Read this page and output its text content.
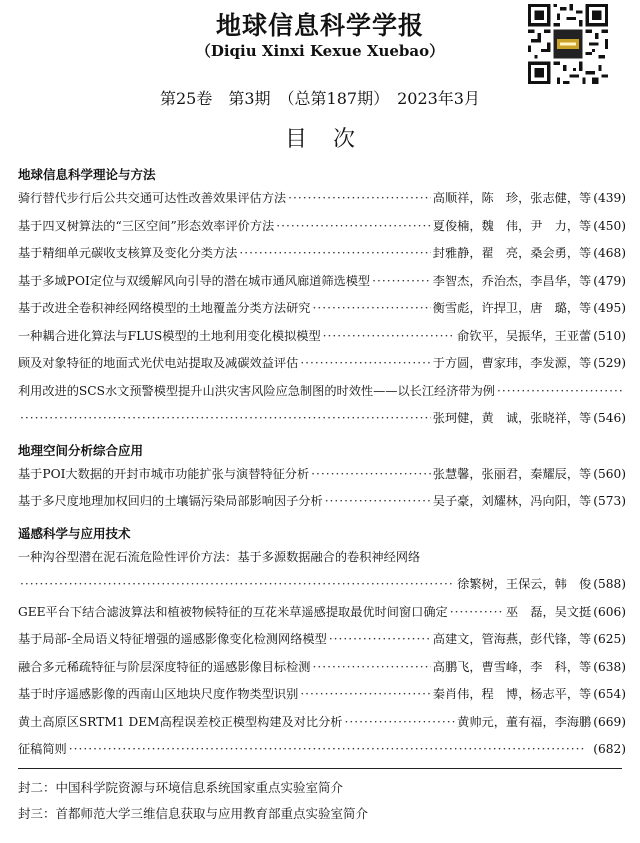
地球信息科学学报
（Diqiu Xinxi Kexue Xuebao）
第25卷　第3期　（总第187期）　2023年3月
目次
地球信息科学理论与方法
骑行替代步行后公共交通可达性改善效果评估方法 ·····	高顺祥，陈　珍，张志健，等 (439)
基于四叉树算法的“三区空间”形态效率评价方法 ·····	夏俊楠，魏　伟，尹　力，等 (450)
基于精细单元碳收支核算及变化分类方法 ·····	封雅静，翟　亮，桑会勇，等 (468)
基于多域POI定位与双缓解风向引导的潜在城市通风廊道筛选模型 ·····	李智杰，乔治杰，李昌华，等 (479)
基于改进全卷积神经网络模型的土地覆盖分类方法研究 ·····	衡雪彪，许捍卫，唐　璐，等 (495)
一种耦合进化算法与FLUS模型的土地利用变化模拟模型 ·····	俞钦平，吴振华，王亚蕾 (510)
顾及对象特征的地面式光伏电站提取及减碳效益评估 ·····	于方圆，曹家玮，李发源，等 (529)
利用改进的SCS水文预警模型提升山洪灾害风险应急制图的时效性——以长江经济带为例
·····
·····
张珂健，黄　诚，张晓祥，等 (546)
地理空间分析综合应用
基于POI大数据的开封市城市功能扩张与演替特征分析 ·····	张慧馨，张丽君，秦耀辰，等 (560)
基于多尺度地理加权回归的土壤镉污染局部影响因子分析 ·····	吴子豪，刘耀林，冯向阳，等 (573)
遥感科学与应用技术
一种沟谷型潜在泥石流危险性评价方法：基于多源数据融合的卷积神经网络
·····
徐繁树，王保云，韩　俊 (588)
GEE平台下结合滤波算法和植被物候特征的互花米草遥感提取最优时间窗口确定 ·····	巫　磊，吴文挺 (606)
基于局部-全局语义特征增强的遥感影像变化检测网络模型 ·····	高建文，管海燕，彭代锋，等 (625)
融合多元稀疏特征与阶层深度特征的遥感影像目标检测 ·····	高鹏飞，曹雪峰，李　科，等 (638)
基于时序遥感影像的西南山区地块尺度作物类型识别 ·····	秦肖伟，程　博，杨志平，等 (654)
黄土高原区SRTM1 DEM高程误差校正模型构建及对比分析 ·····	黄帅元，董有福，李海鹏 (669)
征稿简则 ·····	(682)
封二：中国科学院资源与环境信息系统国家重点实验室简介
封三：首都师范大学三维信息获取与应用教育部重点实验室简介
